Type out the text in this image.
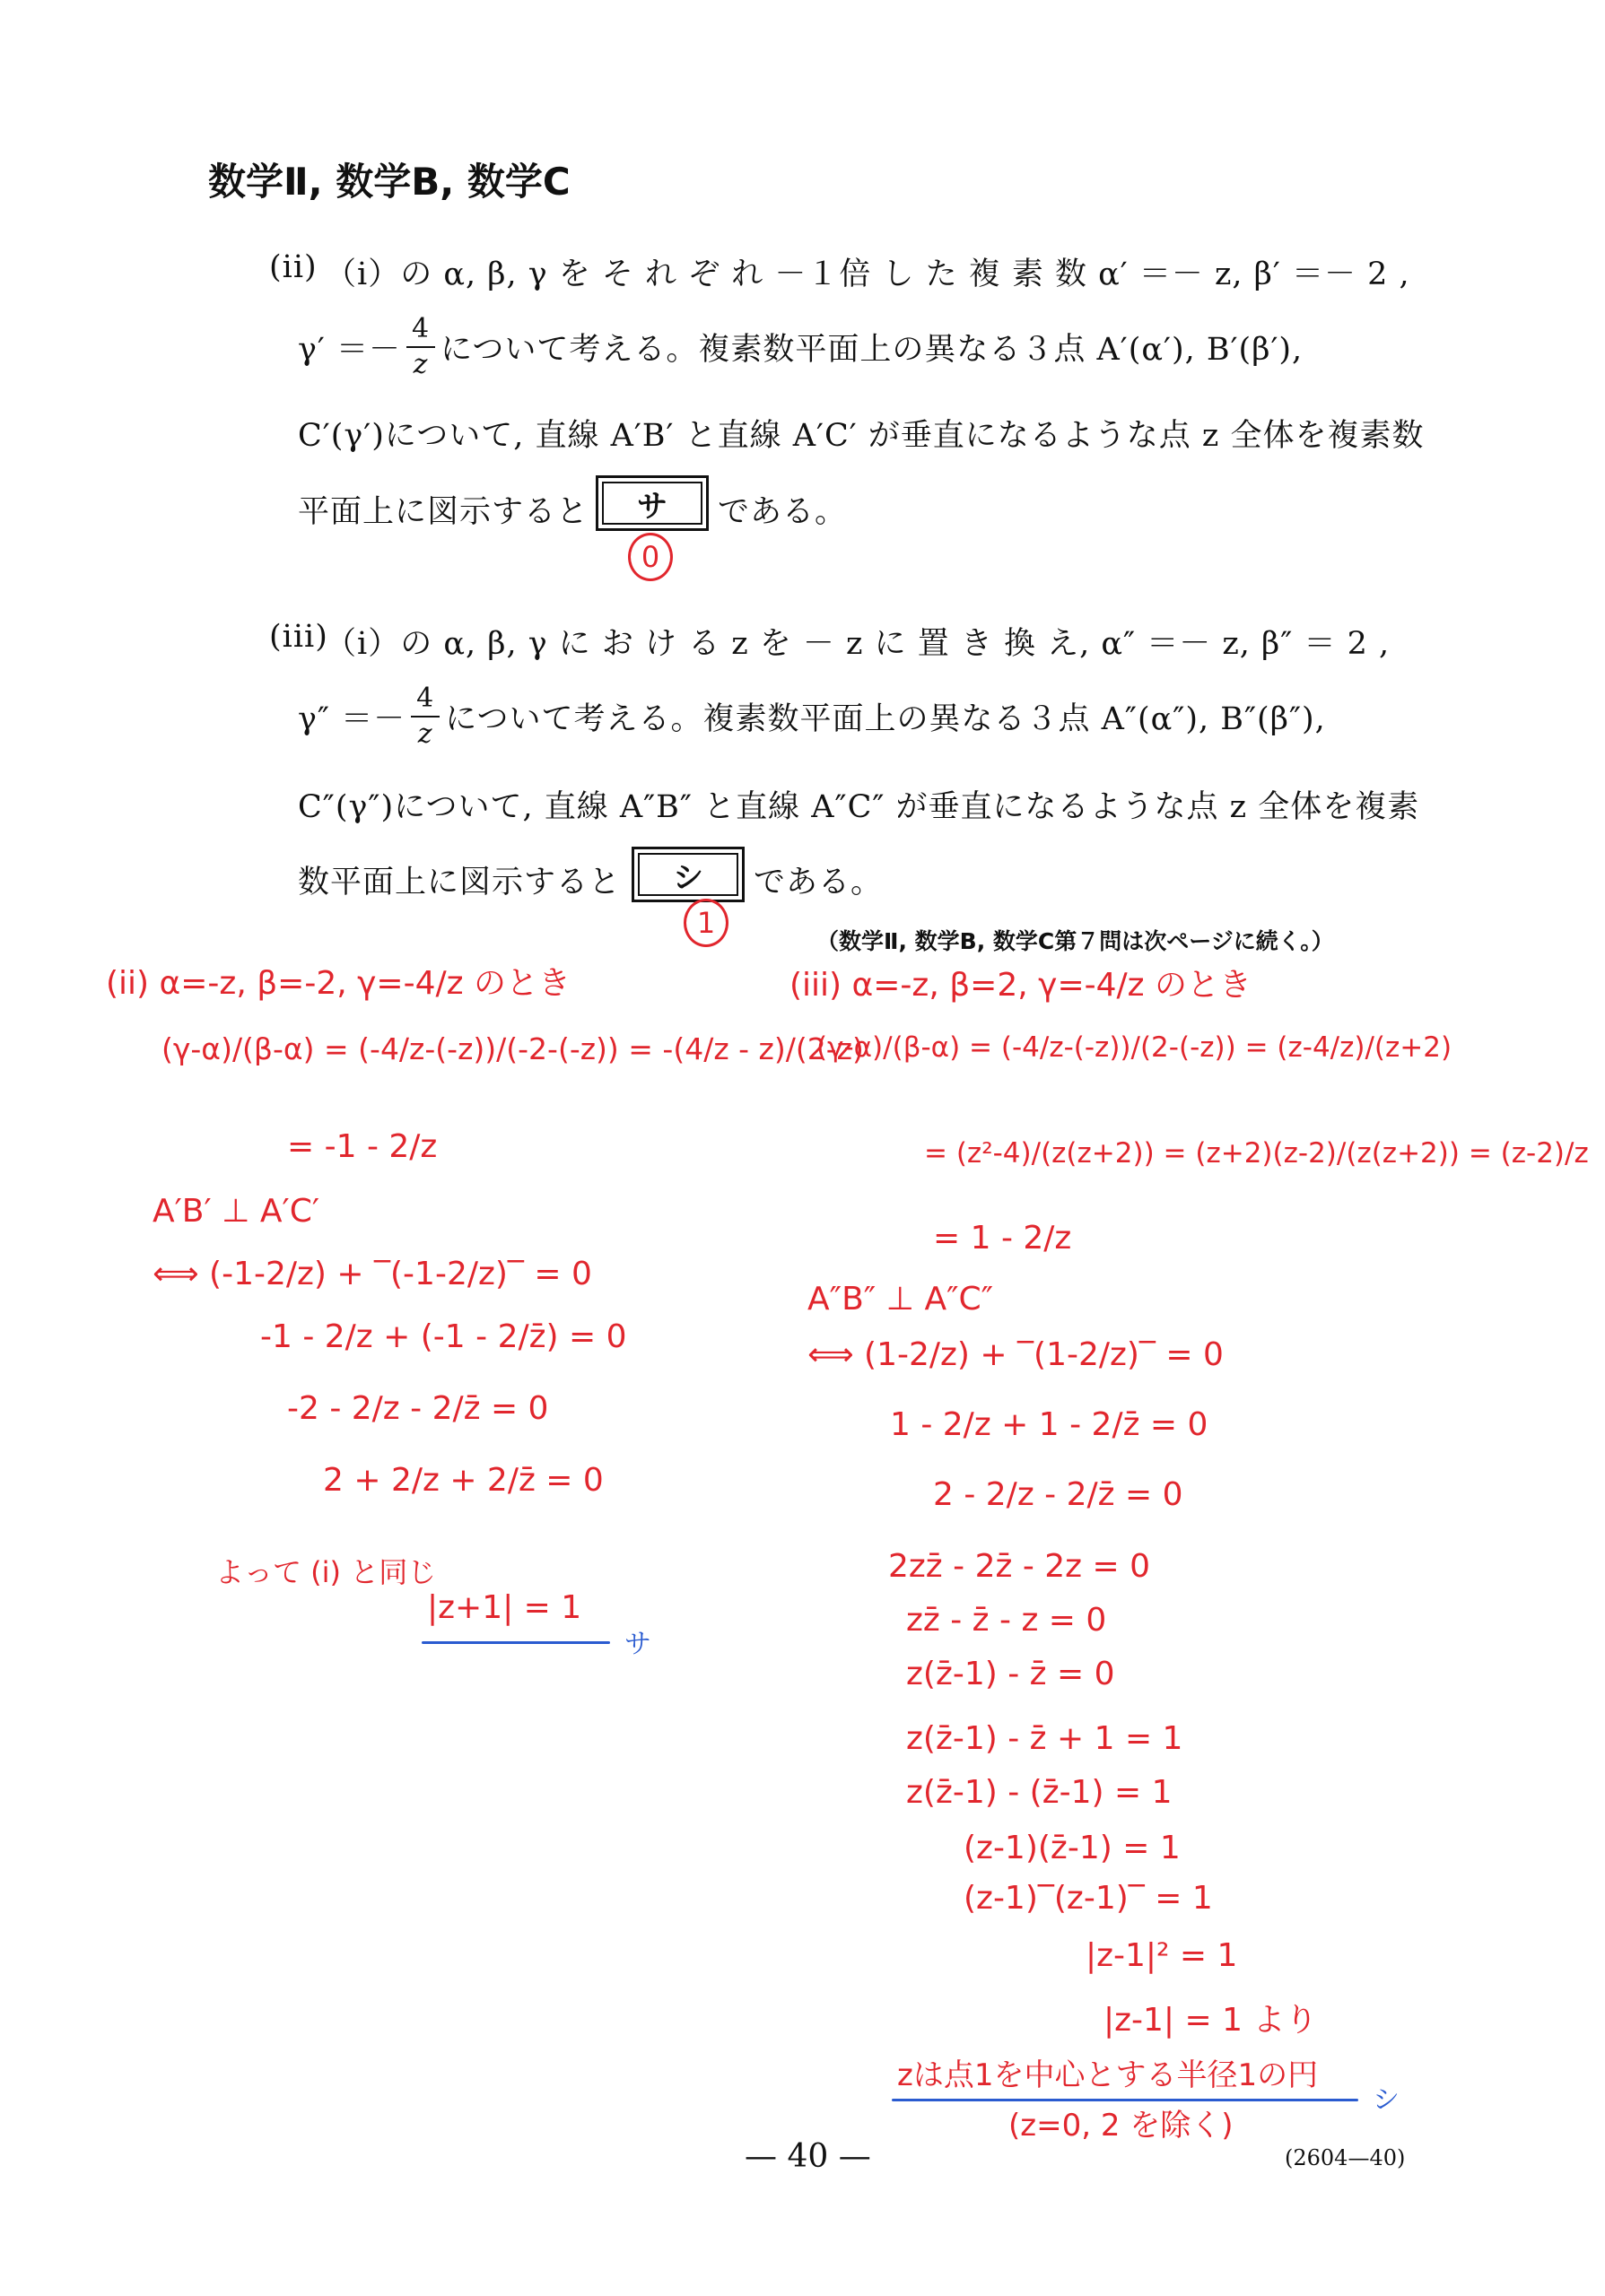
数学Ⅱ, 数学B, 数学C
(ii) （i）の α, β, γ を そ れ ぞ れ －１倍 し た 複 素 数 α′ ＝－ z, β′ ＝－ 2 ,
$\gamma' =- \frac{4}{z}$ について考える。複素数平面上の異なる３点 A′(α′), B′(β′),
C′(γ′)について, 直線 A′B′ と直線 A′C′ が垂直になるような点 z 全体を複素数
平面上に図示すると	サ	である。
0
(iii)
（i）の α, β, γ に お け る z を － z に 置 き 換 え, α″ ＝－ z, β″ ＝ 2 ,
$\gamma'' =- \frac{4}{z}$ について考える。複素数平面上の異なる３点 A″(α″), B″(β″),
C″(γ″)について, 直線 A″B″ と直線 A″C″ が垂直になるような点 z 全体を複素
数平面上に図示すると	シ	である。
1
（数学Ⅱ, 数学B, 数学C第７問は次ページに続く。）
(ii) α=-z, β=-2, γ=-4/z のとき
(γ-α)/(β-α) = (-4/z-(-z))/(-2-(-z)) = -(4/z - z)/(2-z)
= -1 - 2/z
A′B′ ⊥ A′C′
⟺ (-1-2/z) + ‾(-1-2/z)‾ = 0
-1 - 2/z + (-1 - 2/z̄) = 0
-2 - 2/z - 2/z̄ = 0
2 + 2/z + 2/z̄ = 0
よって (i) と同じ
|z+1| = 1
サ
(iii) α=-z, β=2, γ=-4/z のとき
(γ-α)/(β-α) = (-4/z-(-z))/(2-(-z)) = (z-4/z)/(z+2)
= (z²-4)/(z(z+2)) = (z+2)(z-2)/(z(z+2)) = (z-2)/z
= 1 - 2/z
A″B″ ⊥ A″C″
⟺ (1-2/z) + ‾(1-2/z)‾ = 0
1 - 2/z + 1 - 2/z̄ = 0
2 - 2/z - 2/z̄ = 0
2zz̄ - 2z̄ - 2z = 0
zz̄ - z̄ - z = 0
z(z̄-1) - z̄ = 0
z(z̄-1) - z̄ + 1 = 1
z(z̄-1) - (z̄-1) = 1
(z-1)(z̄-1) = 1
(z-1)‾(z-1)‾ = 1
|z-1|² = 1
|z-1| = 1 より
zは点1を中心とする半径1の円
シ
(z=0, 2 を除く)
— 40 —	(2604—40)
